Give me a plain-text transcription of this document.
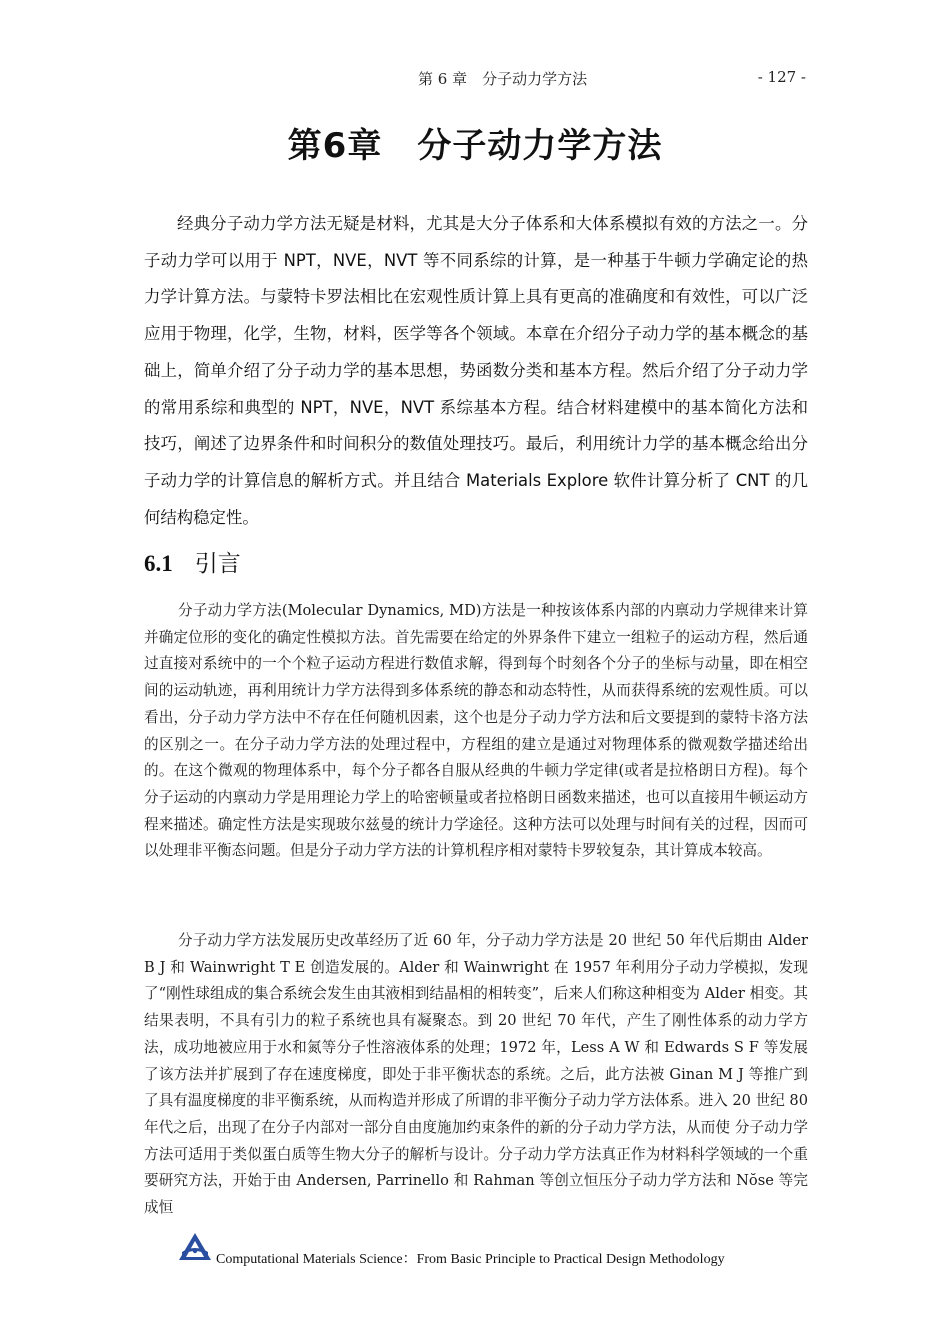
第 6 章　分子动力学方法	- 127 -
第6章　分子动力学方法

经典分子动力学方法无疑是材料，尤其是大分子体系和大体系模拟有效的方法之一。分子动力学可以用于 NPT，NVE，NVT 等不同系综的计算，是一种基于牛顿力学确定论的热力学计算方法。与蒙特卡罗法相比在宏观性质计算上具有更高的准确度和有效性，可以广泛应用于物理，化学，生物，材料，医学等各个领域。本章在介绍分子动力学的基本概念的基础上，简单介绍了分子动力学的基本思想，势函数分类和基本方程。然后介绍了分子动力学的常用系综和典型的 NPT，NVE，NVT 系综基本方程。结合材料建模中的基本简化方法和技巧，阐述了边界条件和时间积分的数值处理技巧。最后，利用统计力学的基本概念给出分子动力学的计算信息的解析方式。并且结合 Materials Explore 软件计算分析了 CNT 的几何结构稳定性。

6.1 引言

分子动力学方法(Molecular Dynamics, MD)方法是一种按该体系内部的内禀动力学规律来计算并确定位形的变化的确定性模拟方法。首先需要在给定的外界条件下建立一组粒子的运动方程，然后通过直接对系统中的一个个粒子运动方程进行数值求解，得到每个时刻各个分子的坐标与动量，即在相空间的运动轨迹，再利用统计力学方法得到多体系统的静态和动态特性，从而获得系统的宏观性质。可以看出，分子动力学方法中不存在任何随机因素，这个也是分子动力学方法和后文要提到的蒙特卡洛方法的区别之一。在分子动力学方法的处理过程中，方程组的建立是通过对物理体系的微观数学描述给出的。在这个微观的物理体系中，每个分子都各自服从经典的牛顿力学定律(或者是拉格朗日方程)。每个分子运动的内禀动力学是用理论力学上的哈密顿量或者拉格朗日函数来描述，也可以直接用牛顿运动方程来描述。确定性方法是实现玻尔兹曼的统计力学途径。这种方法可以处理与时间有关的过程，因而可以处理非平衡态问题。但是分子动力学方法的计算机程序相对蒙特卡罗较复杂，其计算成本较高。

分子动力学方法发展历史改革经历了近 60 年，分子动力学方法是 20 世纪 50 年代后期由 Alder B J 和 Wainwright T E 创造发展的。Alder 和 Wainwright 在 1957 年利用分子动力学模拟，发现了“刚性球组成的集合系统会发生由其液相到结晶相的相转变”，后来人们称这种相变为 Alder 相变。其结果表明，不具有引力的粒子系统也具有凝聚态。到 20 世纪 70 年代，产生了刚性体系的动力学方法，成功地被应用于水和氮等分子性溶液体系的处理；1972 年，Less A W 和 Edwards S F 等发展了该方法并扩展到了存在速度梯度，即处于非平衡状态的系统。之后，此方法被 Ginan M J 等推广到了具有温度梯度的非平衡系统，从而构造并形成了所谓的非平衡分子动力学方法体系。进入 20 世纪 80 年代之后，出现了在分子内部对一部分自由度施加约束条件的新的分子动力学方法，从而使 分子动力学方法可适用于类似蛋白质等生物大分子的解析与设计。分子动力学方法真正作为材料科学领域的一个重要研究方法，开始于由 Andersen, Parrinello 和 Rahman 等创立恒压分子动力学方法和 Nŏse 等完成恒

Computational Materials Science：From Basic Principle to Practical Design Methodology
